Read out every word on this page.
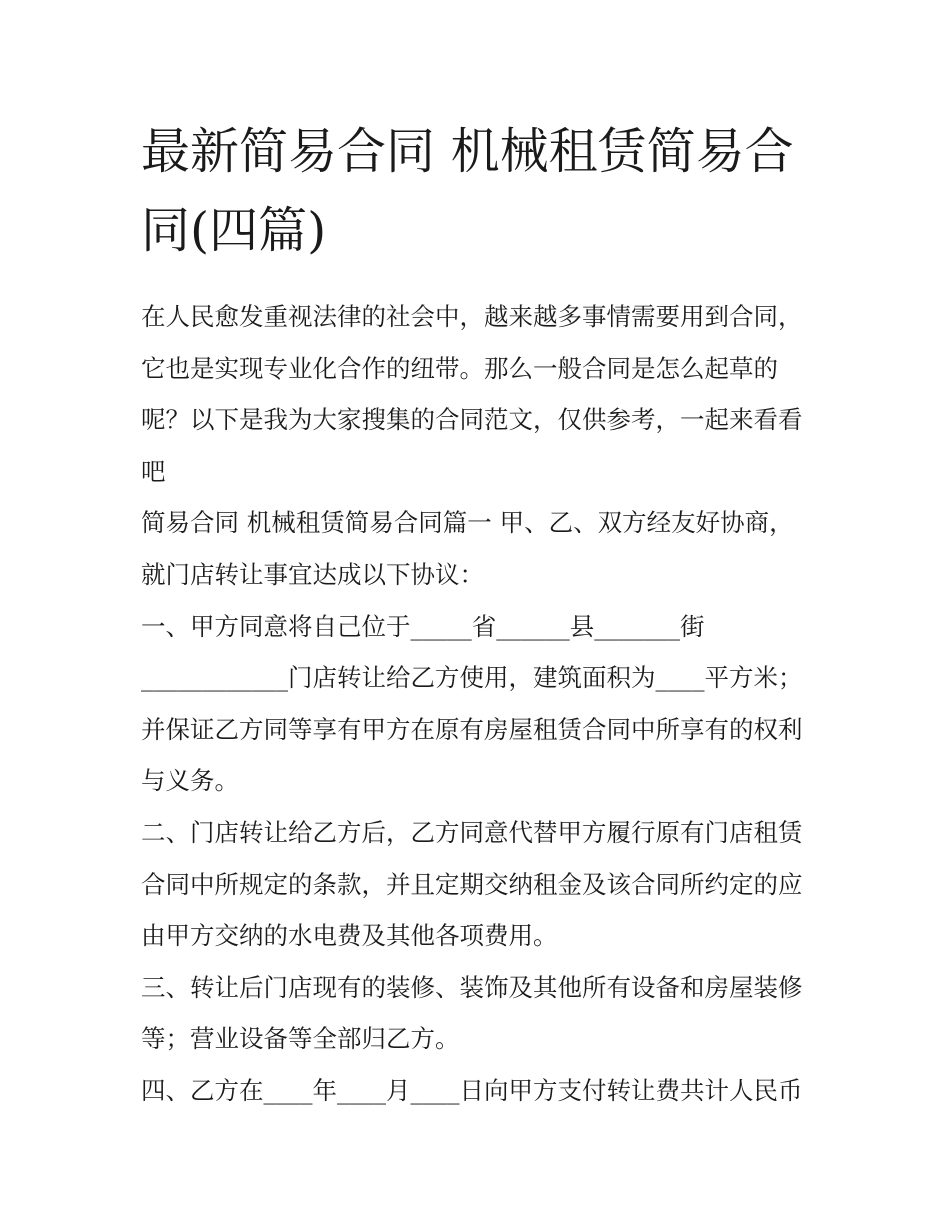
最新简易合同 机械租赁简易合
同(四篇)
在人民愈发重视法律的社会中，越来越多事情需要用到合同，
它也是实现专业化合作的纽带。那么一般合同是怎么起草的
呢？以下是我为大家搜集的合同范文，仅供参考，一起来看看
吧
简易合同 机械租赁简易合同篇一 甲、乙、双方经友好协商，
就门店转让事宜达成以下协议：
一、甲方同意将自己位于_____省______县_______街
____________门店转让给乙方使用，建筑面积为____平方米；
并保证乙方同等享有甲方在原有房屋租赁合同中所享有的权利
与义务。
二、门店转让给乙方后，乙方同意代替甲方履行原有门店租赁
合同中所规定的条款，并且定期交纳租金及该合同所约定的应
由甲方交纳的水电费及其他各项费用。
三、转让后门店现有的装修、装饰及其他所有设备和房屋装修
等；营业设备等全部归乙方。
四、乙方在____年____月____日向甲方支付转让费共计人民币
